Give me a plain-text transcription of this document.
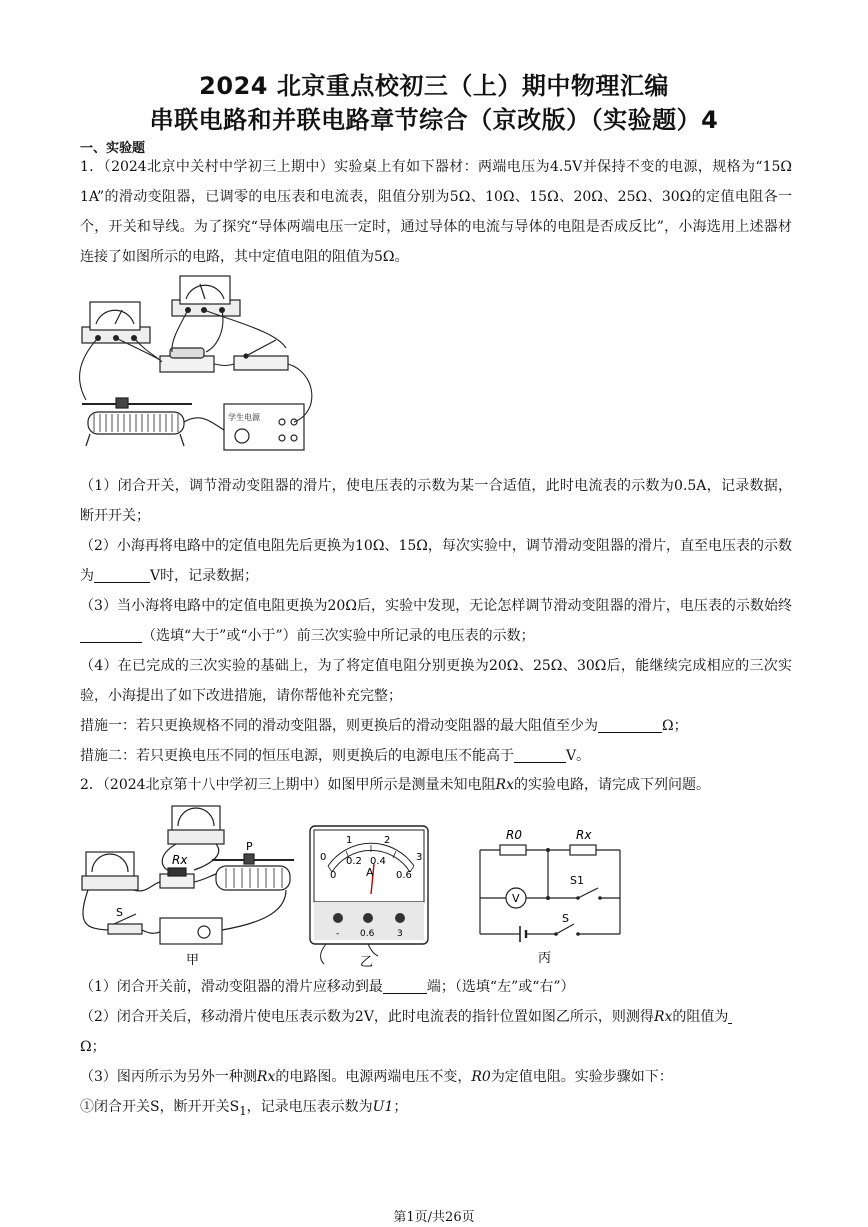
2024 北京重点校初三（上）期中物理汇编
串联电路和并联电路章节综合（京改版）（实验题）4
一、实验题
1．（2024北京中关村中学初三上期中）实验桌上有如下器材：两端电压为4.5V并保持不变的电源，规格为“15Ω 1A”的滑动变阻器，已调零的电压表和电流表，阻值分别为5Ω、10Ω、15Ω、20Ω、25Ω、30Ω的定值电阻各一个，开关和导线。为了探究“导体两端电压一定时，通过导体的电流与导体的电阻是否成反比”，小海选用上述器材连接了如图所示的电路，其中定值电阻的阻值为5Ω。
学生电源
（1）闭合开关，调节滑动变阻器的滑片，使电压表的示数为某一合适值，此时电流表的示数为0.5A，记录数据，断开开关；
（2）小海再将电路中的定值电阻先后更换为10Ω、15Ω，每次实验中，调节滑动变阻器的滑片，直至电压表的示数为	V时，记录数据；
（3）当小海将电路中的定值电阻更换为20Ω后，实验中发现，无论怎样调节滑动变阻器的滑片，电压表的示数始终（选填“大于”或“小于”）前三次实验中所记录的电压表的示数；
（4）在已完成的三次实验的基础上，为了将定值电阻分别更换为20Ω、25Ω、30Ω后，能继续完成相应的三次实验，小海提出了如下改进措施，请你帮他补充完整；
措施一：若只更换规格不同的滑动变阻器，则更换后的滑动变阻器的最大阻值至少为	Ω；
措施二：若只更换电压不同的恒压电源，则更换后的电源电压不能高于	V。
2．（2024北京第十八中学初三上期中）如图甲所示是测量未知电阻Rx的实验电路，请完成下列问题。
Rx
P
S
甲
0
1	2
3
0
0.2 0.4
0.6
A
- 0.6	3
乙
R0	Rx
V
S1
S
丙
（1）闭合开关前，滑动变阻器的滑片应移动到最	端；（选填“左”或“右”）
（2）闭合开关后，移动滑片使电压表示数为2V，此时电流表的指针位置如图乙所示，则测得Rx的阻值为
Ω；
（3）图丙所示为另外一种测Rx的电路图。电源两端电压不变，R0为定值电阻。实验步骤如下：
①闭合开关S，断开开关$S_1$，记录电压表示数为U1；
第1页/共26页
